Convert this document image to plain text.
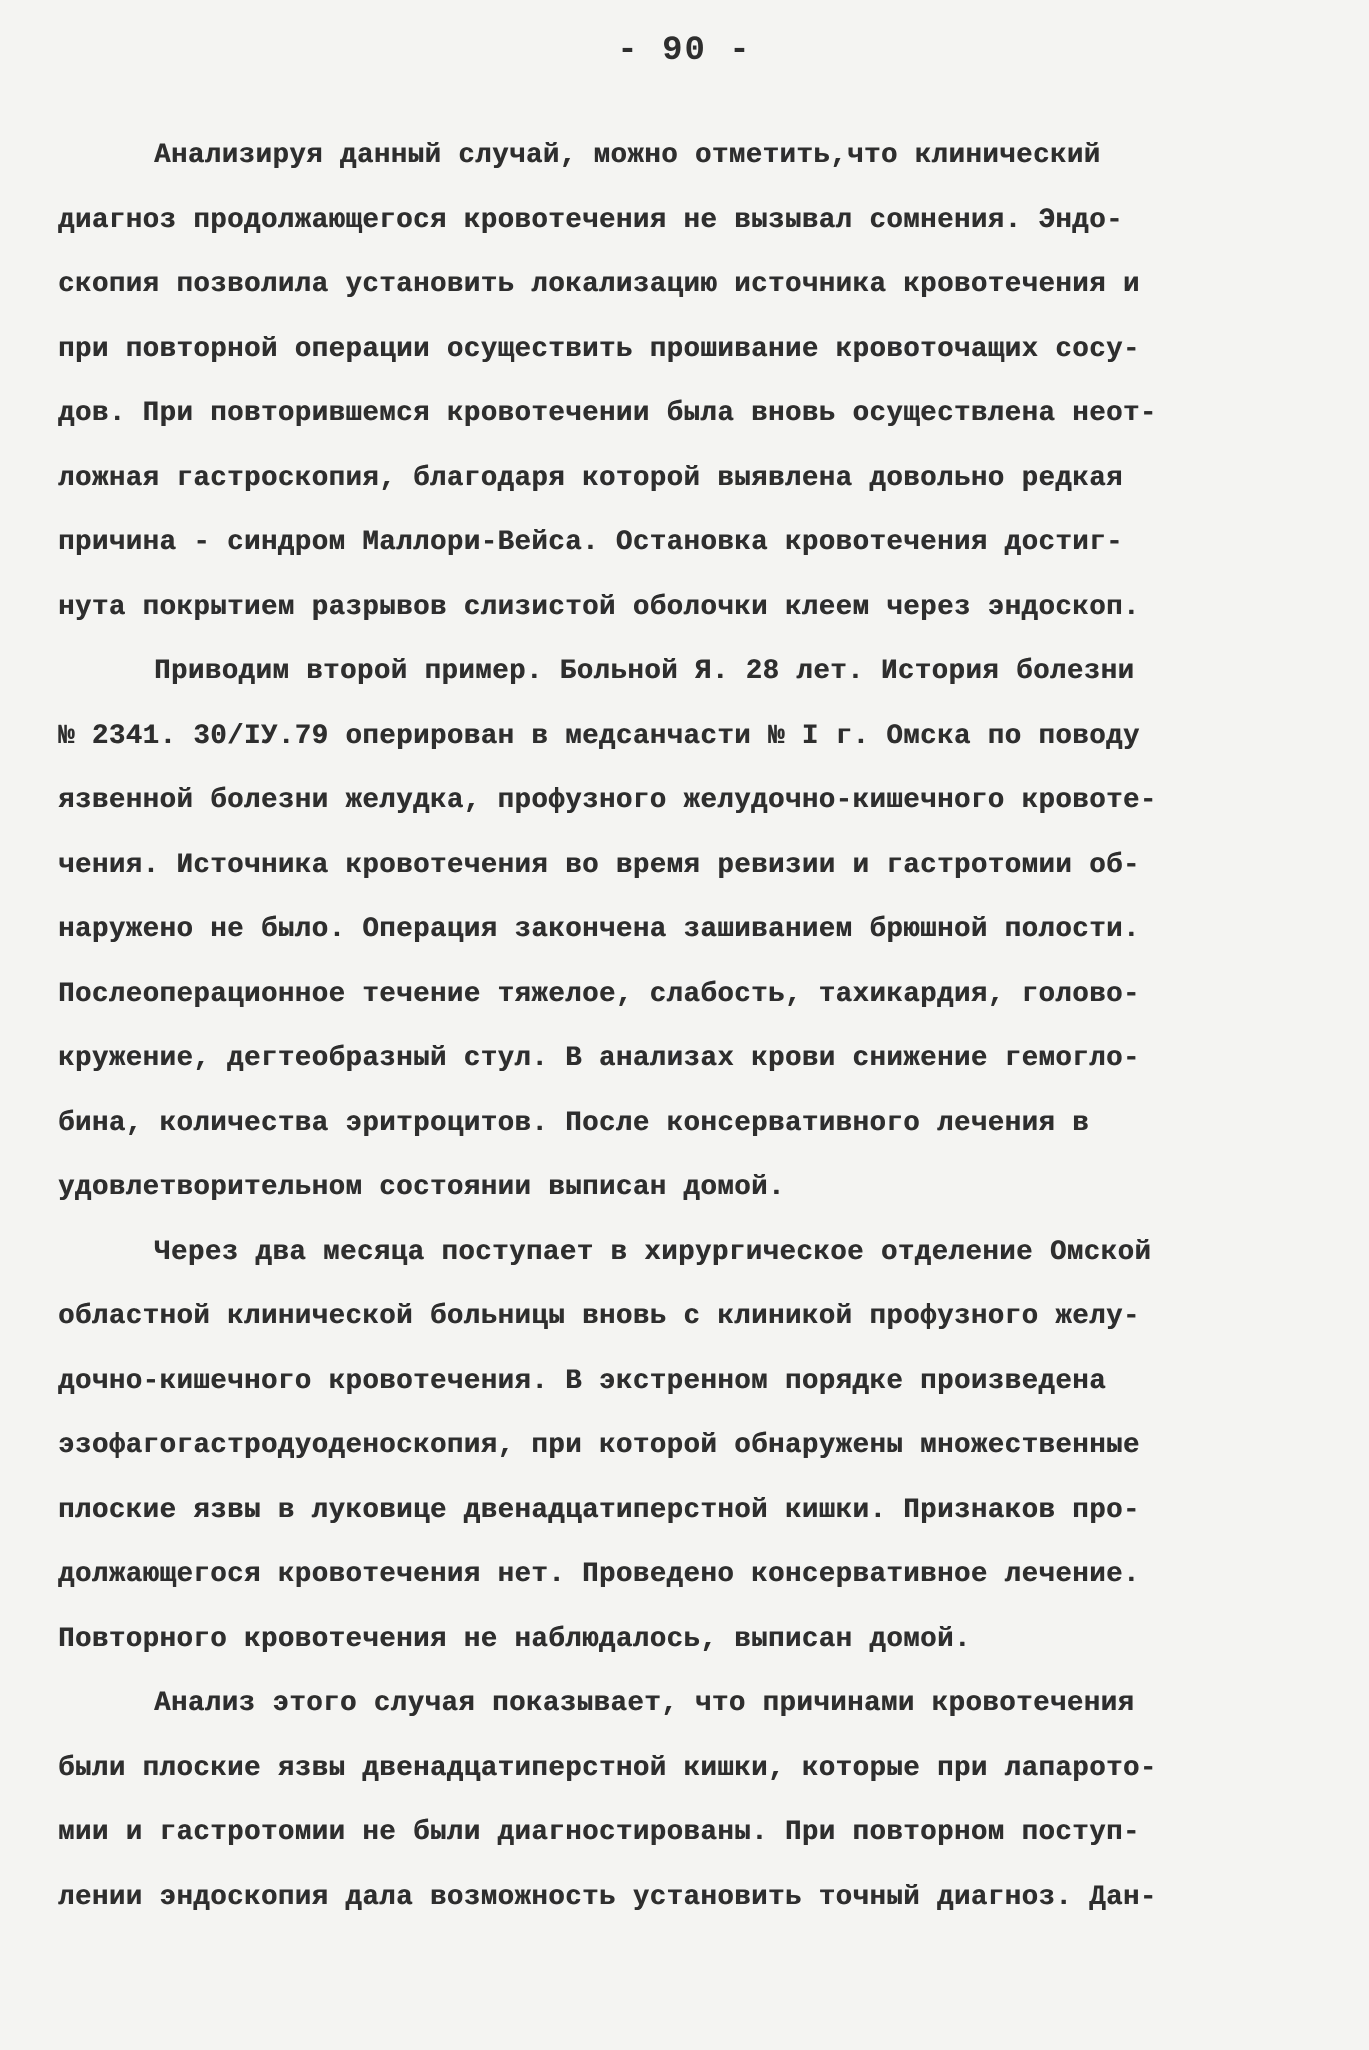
- 90 -
Анализируя данный случай, можно отметить,что клинический
диагноз продолжающегося кровотечения не вызывал сомнения. Эндо-
скопия позволила установить локализацию источника кровотечения и
при повторной операции осуществить прошивание кровоточащих сосу-
дов. При повторившемся кровотечении была вновь осуществлена неот-
ложная гастроскопия, благодаря которой выявлена довольно редкая
причина - синдром Маллори-Вейса. Остановка кровотечения достиг-
нута покрытием разрывов слизистой оболочки клеем через эндоскоп.
Приводим второй пример. Больной Я. 28 лет. История болезни
№ 2341. 30/IУ.79 оперирован в медсанчасти № I г. Омска по поводу
язвенной болезни желудка, профузного желудочно-кишечного кровоте-
чения. Источника кровотечения во время ревизии и гастротомии об-
наружено не было. Операция закончена зашиванием брюшной полости.
Послеоперационное течение тяжелое, слабость, тахикардия, голово-
кружение, дегтеобразный стул. В анализах крови снижение гемогло-
бина, количества эритроцитов. После консервативного лечения в
удовлетворительном состоянии выписан домой.
Через два месяца поступает в хирургическое отделение Омской
областной клинической больницы вновь с клиникой профузного желу-
дочно-кишечного кровотечения. В экстренном порядке произведена
эзофагогастродуоденоскопия, при которой обнаружены множественные
плоские язвы в луковице двенадцатиперстной кишки. Признаков про-
должающегося кровотечения нет. Проведено консервативное лечение.
Повторного кровотечения не наблюдалось, выписан домой.
Анализ этого случая показывает, что причинами кровотечения
были плоские язвы двенадцатиперстной кишки, которые при лапарото-
мии и гастротомии не были диагностированы. При повторном поступ-
лении эндоскопия дала возможность установить точный диагноз. Дан-
